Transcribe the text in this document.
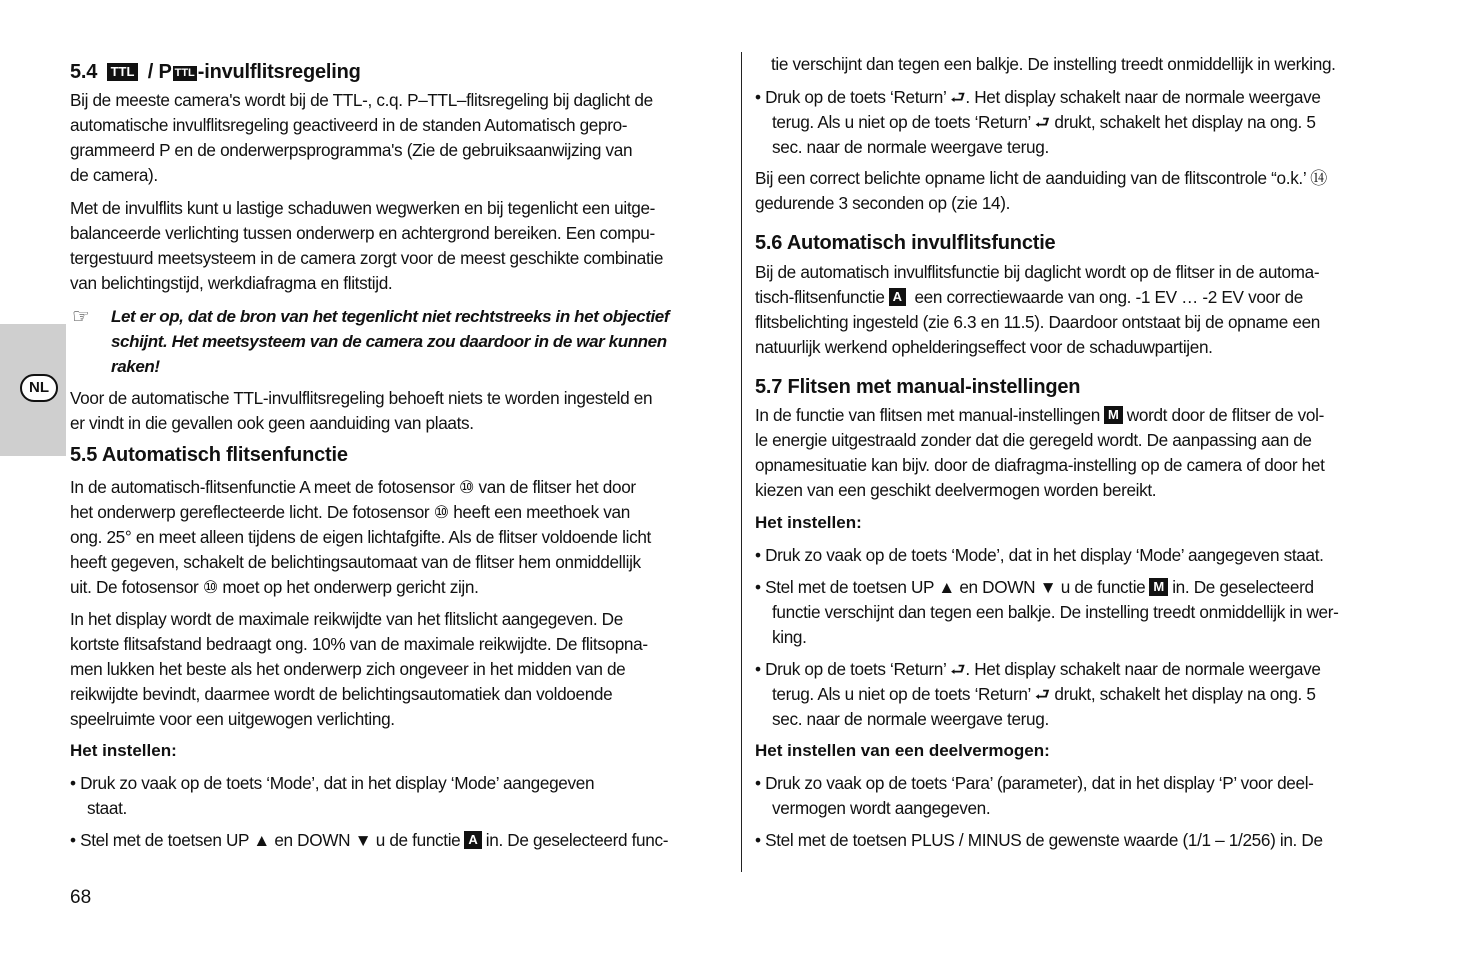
NL
5.4 TTL / P TTL -invulflitsregeling
Bij de meeste camera's wordt bij de TTL-, c.q. P–TTL–flitsregeling bij daglicht de
automatische invulflitsregeling geactiveerd in de standen Automatisch gepro-
grammeerd P en de onderwerpsprogramma's (Zie de gebruiksaanwijzing van
de camera).
Met de invulflits kunt u lastige schaduwen wegwerken en bij tegenlicht een uitge-
balanceerde verlichting tussen onderwerp en achtergrond bereiken. Een compu-
tergestuurd meetsysteem in de camera zorgt voor de meest geschikte combinatie
van belichtingstijd, werkdiafragma en flitstijd.
☞ Let er op, dat de bron van het tegenlicht niet rechtstreeks in het objectief
schijnt. Het meetsysteem van de camera zou daardoor in de war kunnen
raken!
Voor de automatische TTL-invulflitsregeling behoeft niets te worden ingesteld en
er vindt in die gevallen ook geen aanduiding van plaats.
5.5 Automatisch flitsenfunctie
In de automatisch-flitsenfunctie A meet de fotosensor ⑩ van de flitser het door
het onderwerp gereflecteerde licht. De fotosensor ⑩ heeft een meethoek van
ong. 25° en meet alleen tijdens de eigen lichtafgifte. Als de flitser voldoende licht
heeft gegeven, schakelt de belichtingsautomaat van de flitser hem onmiddellijk
uit. De fotosensor ⑩ moet op het onderwerp gericht zijn.
In het display wordt de maximale reikwijdte van het flitslicht aangegeven. De
kortste flitsafstand bedraagt ong. 10% van de maximale reikwijdte. De flitsopna-
men lukken het beste als het onderwerp zich ongeveer in het midden van de
reikwijdte bevindt, daarmee wordt de belichtingsautomatiek dan voldoende
speelruimte voor een uitgewogen verlichting.
Het instellen:
• Druk zo vaak op de toets ‘Mode’, dat in het display ‘Mode’ aangegeven
staat.
• Stel met de toetsen UP ▲ en DOWN ▼ u de functie A in. De geselecteerd func-
tie verschijnt dan tegen een balkje. De instelling treedt onmiddellijk in werking.
• Druk op de toets ‘Return’ ⮐. Het display schakelt naar de normale weergave
terug. Als u niet op de toets ‘Return’ ⮐ drukt, schakelt het display na ong. 5
sec. naar de normale weergave terug.
Bij een correct belichte opname licht de aanduiding van de flitscontrole “o.k.’ ⑭
gedurende 3 seconden op (zie 14).
5.6 Automatisch invulflitsfunctie
Bij de automatisch invulflitsfunctie bij daglicht wordt op de flitser in de automa-
tisch-flitsenfunctie A een correctiewaarde van ong. -1 EV … -2 EV voor de
flitsbelichting ingesteld (zie 6.3 en 11.5). Daardoor ontstaat bij de opname een
natuurlijk werkend ophelderingseffect voor de schaduwpartijen.
5.7 Flitsen met manual-instellingen
In de functie van flitsen met manual-instellingen M wordt door de flitser de vol-
le energie uitgestraald zonder dat die geregeld wordt. De aanpassing aan de
opnamesituatie kan bijv. door de diafragma-instelling op de camera of door het
kiezen van een geschikt deelvermogen worden bereikt.
Het instellen:
• Druk zo vaak op de toets ‘Mode’, dat in het display ‘Mode’ aangegeven staat.
• Stel met de toetsen UP ▲ en DOWN ▼ u de functie M in. De geselecteerd
functie verschijnt dan tegen een balkje. De instelling treedt onmiddellijk in wer-
king.
• Druk op de toets ‘Return’ ⮐. Het display schakelt naar de normale weergave
terug. Als u niet op de toets ‘Return’ ⮐ drukt, schakelt het display na ong. 5
sec. naar de normale weergave terug.
Het instellen van een deelvermogen:
• Druk zo vaak op de toets ‘Para’ (parameter), dat in het display ‘P’ voor deel-
vermogen wordt aangegeven.
• Stel met de toetsen PLUS / MINUS de gewenste waarde (1/1 – 1/256) in. De
68
